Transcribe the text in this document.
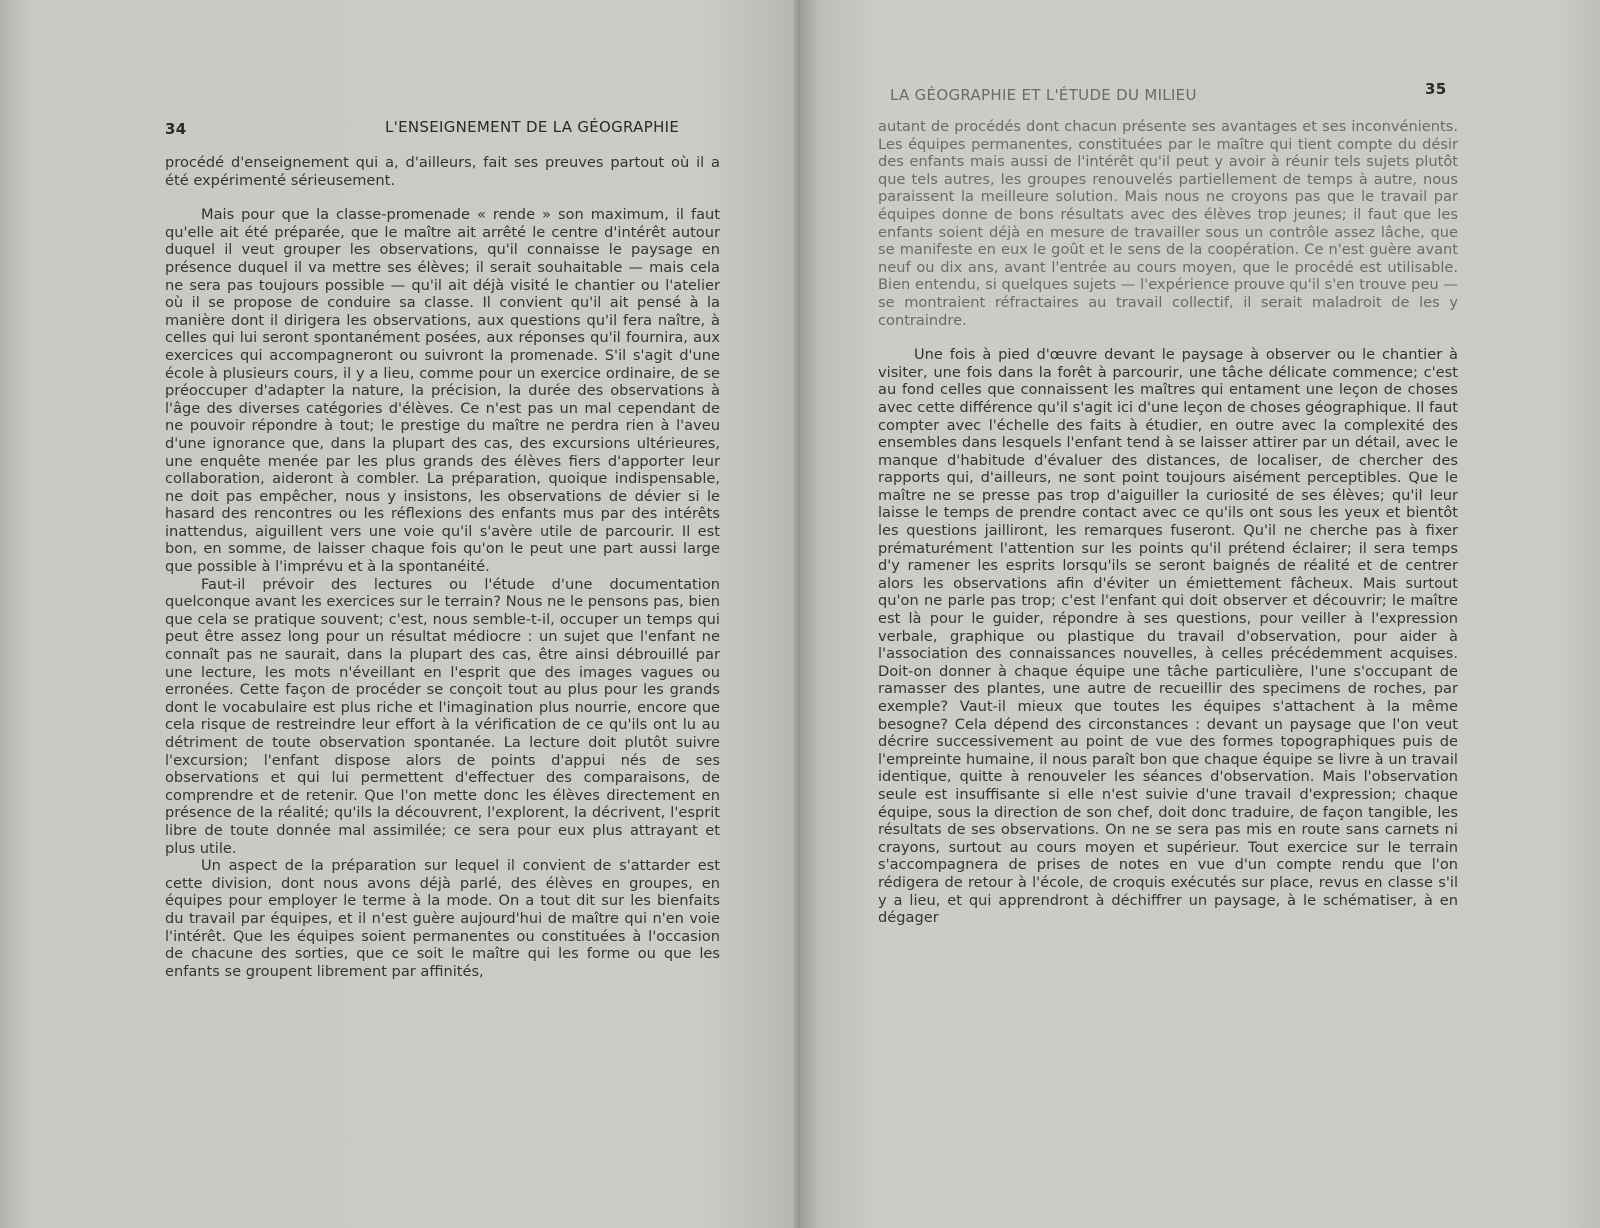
34	L'ENSEIGNEMENT DE LA GÉOGRAPHIE

procédé d'enseignement qui a, d'ailleurs, fait ses preuves partout où il a été expérimenté sérieusement.

Mais pour que la classe-promenade « rende » son maximum, il faut qu'elle ait été préparée, que le maître ait arrêté le centre d'intérêt autour duquel il veut grouper les observations, qu'il connaisse le paysage en présence duquel il va mettre ses élèves; il serait souhaitable — mais cela ne sera pas toujours possible — qu'il ait déjà visité le chantier ou l'atelier où il se propose de conduire sa classe. Il convient qu'il ait pensé à la manière dont il dirigera les observations, aux questions qu'il fera naître, à celles qui lui seront spontanément posées, aux réponses qu'il fournira, aux exercices qui accompagneront ou suivront la promenade. S'il s'agit d'une école à plusieurs cours, il y a lieu, comme pour un exercice ordinaire, de se préoccuper d'adapter la nature, la précision, la durée des observations à l'âge des diverses catégories d'élèves. Ce n'est pas un mal cependant de ne pouvoir répondre à tout; le prestige du maître ne perdra rien à l'aveu d'une ignorance que, dans la plupart des cas, des excursions ultérieures, une enquête menée par les plus grands des élèves fiers d'apporter leur collaboration, aideront à combler. La préparation, quoique indispensable, ne doit pas empêcher, nous y insistons, les observations de dévier si le hasard des rencontres ou les réflexions des enfants mus par des intérêts inattendus, aiguillent vers une voie qu'il s'avère utile de parcourir. Il est bon, en somme, de laisser chaque fois qu'on le peut une part aussi large que possible à l'imprévu et à la spontanéité.

Faut-il prévoir des lectures ou l'étude d'une documentation quelconque avant les exercices sur le terrain? Nous ne le pensons pas, bien que cela se pratique souvent; c'est, nous semble-t-il, occuper un temps qui peut être assez long pour un résultat médiocre : un sujet que l'enfant ne connaît pas ne saurait, dans la plupart des cas, être ainsi débrouillé par une lecture, les mots n'éveillant en l'esprit que des images vagues ou erronées. Cette façon de procéder se conçoit tout au plus pour les grands dont le vocabulaire est plus riche et l'imagination plus nourrie, encore que cela risque de restreindre leur effort à la vérification de ce qu'ils ont lu au détriment de toute observation spontanée. La lecture doit plutôt suivre l'excursion; l'enfant dispose alors de points d'appui nés de ses observations et qui lui permettent d'effectuer des comparaisons, de comprendre et de retenir. Que l'on mette donc les élèves directement en présence de la réalité; qu'ils la découvrent, l'explorent, la décrivent, l'esprit libre de toute donnée mal assimilée; ce sera pour eux plus attrayant et plus utile.

Un aspect de la préparation sur lequel il convient de s'attarder est cette division, dont nous avons déjà parlé, des élèves en groupes, en équipes pour employer le terme à la mode. On a tout dit sur les bienfaits du travail par équipes, et il n'est guère aujourd'hui de maître qui n'en voie l'intérêt. Que les équipes soient permanentes ou constituées à l'occasion de chacune des sorties, que ce soit le maître qui les forme ou que les enfants se groupent librement par affinités,

LA GÉOGRAPHIE ET L'ÉTUDE DU MILIEU	35

autant de procédés dont chacun présente ses avantages et ses inconvénients. Les équipes permanentes, constituées par le maître qui tient compte du désir des enfants mais aussi de l'intérêt qu'il peut y avoir à réunir tels sujets plutôt que tels autres, les groupes renouvelés partiellement de temps à autre, nous paraissent la meilleure solution. Mais nous ne croyons pas que le travail par équipes donne de bons résultats avec des élèves trop jeunes; il faut que les enfants soient déjà en mesure de travailler sous un contrôle assez lâche, que se manifeste en eux le goût et le sens de la coopération. Ce n'est guère avant neuf ou dix ans, avant l'entrée au cours moyen, que le procédé est utilisable. Bien entendu, si quelques sujets — l'expérience prouve qu'il s'en trouve peu — se montraient réfractaires au travail collectif, il serait maladroit de les y contraindre.

Une fois à pied d'œuvre devant le paysage à observer ou le chantier à visiter, une fois dans la forêt à parcourir, une tâche délicate commence; c'est au fond celles que connaissent les maîtres qui entament une leçon de choses avec cette différence qu'il s'agit ici d'une leçon de choses géographique. Il faut compter avec l'échelle des faits à étudier, en outre avec la complexité des ensembles dans lesquels l'enfant tend à se laisser attirer par un détail, avec le manque d'habitude d'évaluer des distances, de localiser, de chercher des rapports qui, d'ailleurs, ne sont point toujours aisément perceptibles. Que le maître ne se presse pas trop d'aiguiller la curiosité de ses élèves; qu'il leur laisse le temps de prendre contact avec ce qu'ils ont sous les yeux et bientôt les questions jailliront, les remarques fuseront. Qu'il ne cherche pas à fixer prématurément l'attention sur les points qu'il prétend éclairer; il sera temps d'y ramener les esprits lorsqu'ils se seront baignés de réalité et de centrer alors les observations afin d'éviter un émiettement fâcheux. Mais surtout qu'on ne parle pas trop; c'est l'enfant qui doit observer et découvrir; le maître est là pour le guider, répondre à ses questions, pour veiller à l'expression verbale, graphique ou plastique du travail d'observation, pour aider à l'association des connaissances nouvelles, à celles précédemment acquises. Doit-on donner à chaque équipe une tâche particulière, l'une s'occupant de ramasser des plantes, une autre de recueillir des specimens de roches, par exemple? Vaut-il mieux que toutes les équipes s'attachent à la même besogne? Cela dépend des circonstances : devant un paysage que l'on veut décrire successivement au point de vue des formes topographiques puis de l'empreinte humaine, il nous paraît bon que chaque équipe se livre à un travail identique, quitte à renouveler les séances d'observation. Mais l'observation seule est insuffisante si elle n'est suivie d'une travail d'expression; chaque équipe, sous la direction de son chef, doit donc traduire, de façon tangible, les résultats de ses observations. On ne se sera pas mis en route sans carnets ni crayons, surtout au cours moyen et supérieur. Tout exercice sur le terrain s'accompagnera de prises de notes en vue d'un compte rendu que l'on rédigera de retour à l'école, de croquis exécutés sur place, revus en classe s'il y a lieu, et qui apprendront à déchiffrer un paysage, à le schématiser, à en dégager
